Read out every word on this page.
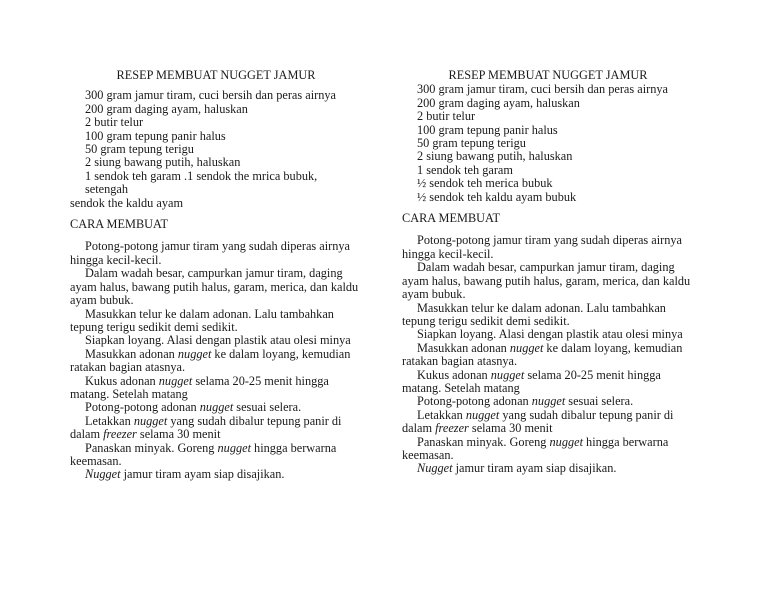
RESEP MEMBUAT NUGGET JAMUR

300 gram jamur tiram, cuci bersih dan peras airnya

200 gram daging ayam, haluskan

2 butir telur

100 gram tepung panir halus

50 gram tepung terigu

2 siung bawang putih, haluskan

1 sendok teh garam .1 sendok the mrica bubuk, setengah

sendok the kaldu ayam

CARA MEMBUAT

Potong-potong jamur tiram yang sudah diperas airnya hingga kecil-kecil.

Dalam wadah besar, campurkan jamur tiram, daging ayam halus, bawang putih halus, garam, merica, dan kaldu ayam bubuk.

Masukkan telur ke dalam adonan. Lalu tambahkan tepung terigu sedikit demi sedikit.

Siapkan loyang. Alasi dengan plastik atau olesi minya

Masukkan adonan nugget ke dalam loyang, kemudian ratakan bagian atasnya.

Kukus adonan nugget selama 20-25 menit hingga matang. Setelah matang

Potong-potong adonan nugget sesuai selera.

Letakkan nugget yang sudah dibalur tepung panir di dalam freezer selama 30 menit

Panaskan minyak. Goreng nugget hingga berwarna keemasan.

Nugget jamur tiram ayam siap disajikan.

RESEP MEMBUAT NUGGET JAMUR

300 gram jamur tiram, cuci bersih dan peras airnya

200 gram daging ayam, haluskan

2 butir telur

100 gram tepung panir halus

50 gram tepung terigu

2 siung bawang putih, haluskan

1 sendok teh garam

½ sendok teh merica bubuk

½ sendok teh kaldu ayam bubuk

CARA MEMBUAT

Potong-potong jamur tiram yang sudah diperas airnya hingga kecil-kecil.

Dalam wadah besar, campurkan jamur tiram, daging ayam halus, bawang putih halus, garam, merica, dan kaldu ayam bubuk.

Masukkan telur ke dalam adonan. Lalu tambahkan tepung terigu sedikit demi sedikit.

Siapkan loyang. Alasi dengan plastik atau olesi minya

Masukkan adonan nugget ke dalam loyang, kemudian ratakan bagian atasnya.

Kukus adonan nugget selama 20-25 menit hingga matang. Setelah matang

Potong-potong adonan nugget sesuai selera.

Letakkan nugget yang sudah dibalur tepung panir di dalam freezer selama 30 menit

Panaskan minyak. Goreng nugget hingga berwarna keemasan.

Nugget jamur tiram ayam siap disajikan.
